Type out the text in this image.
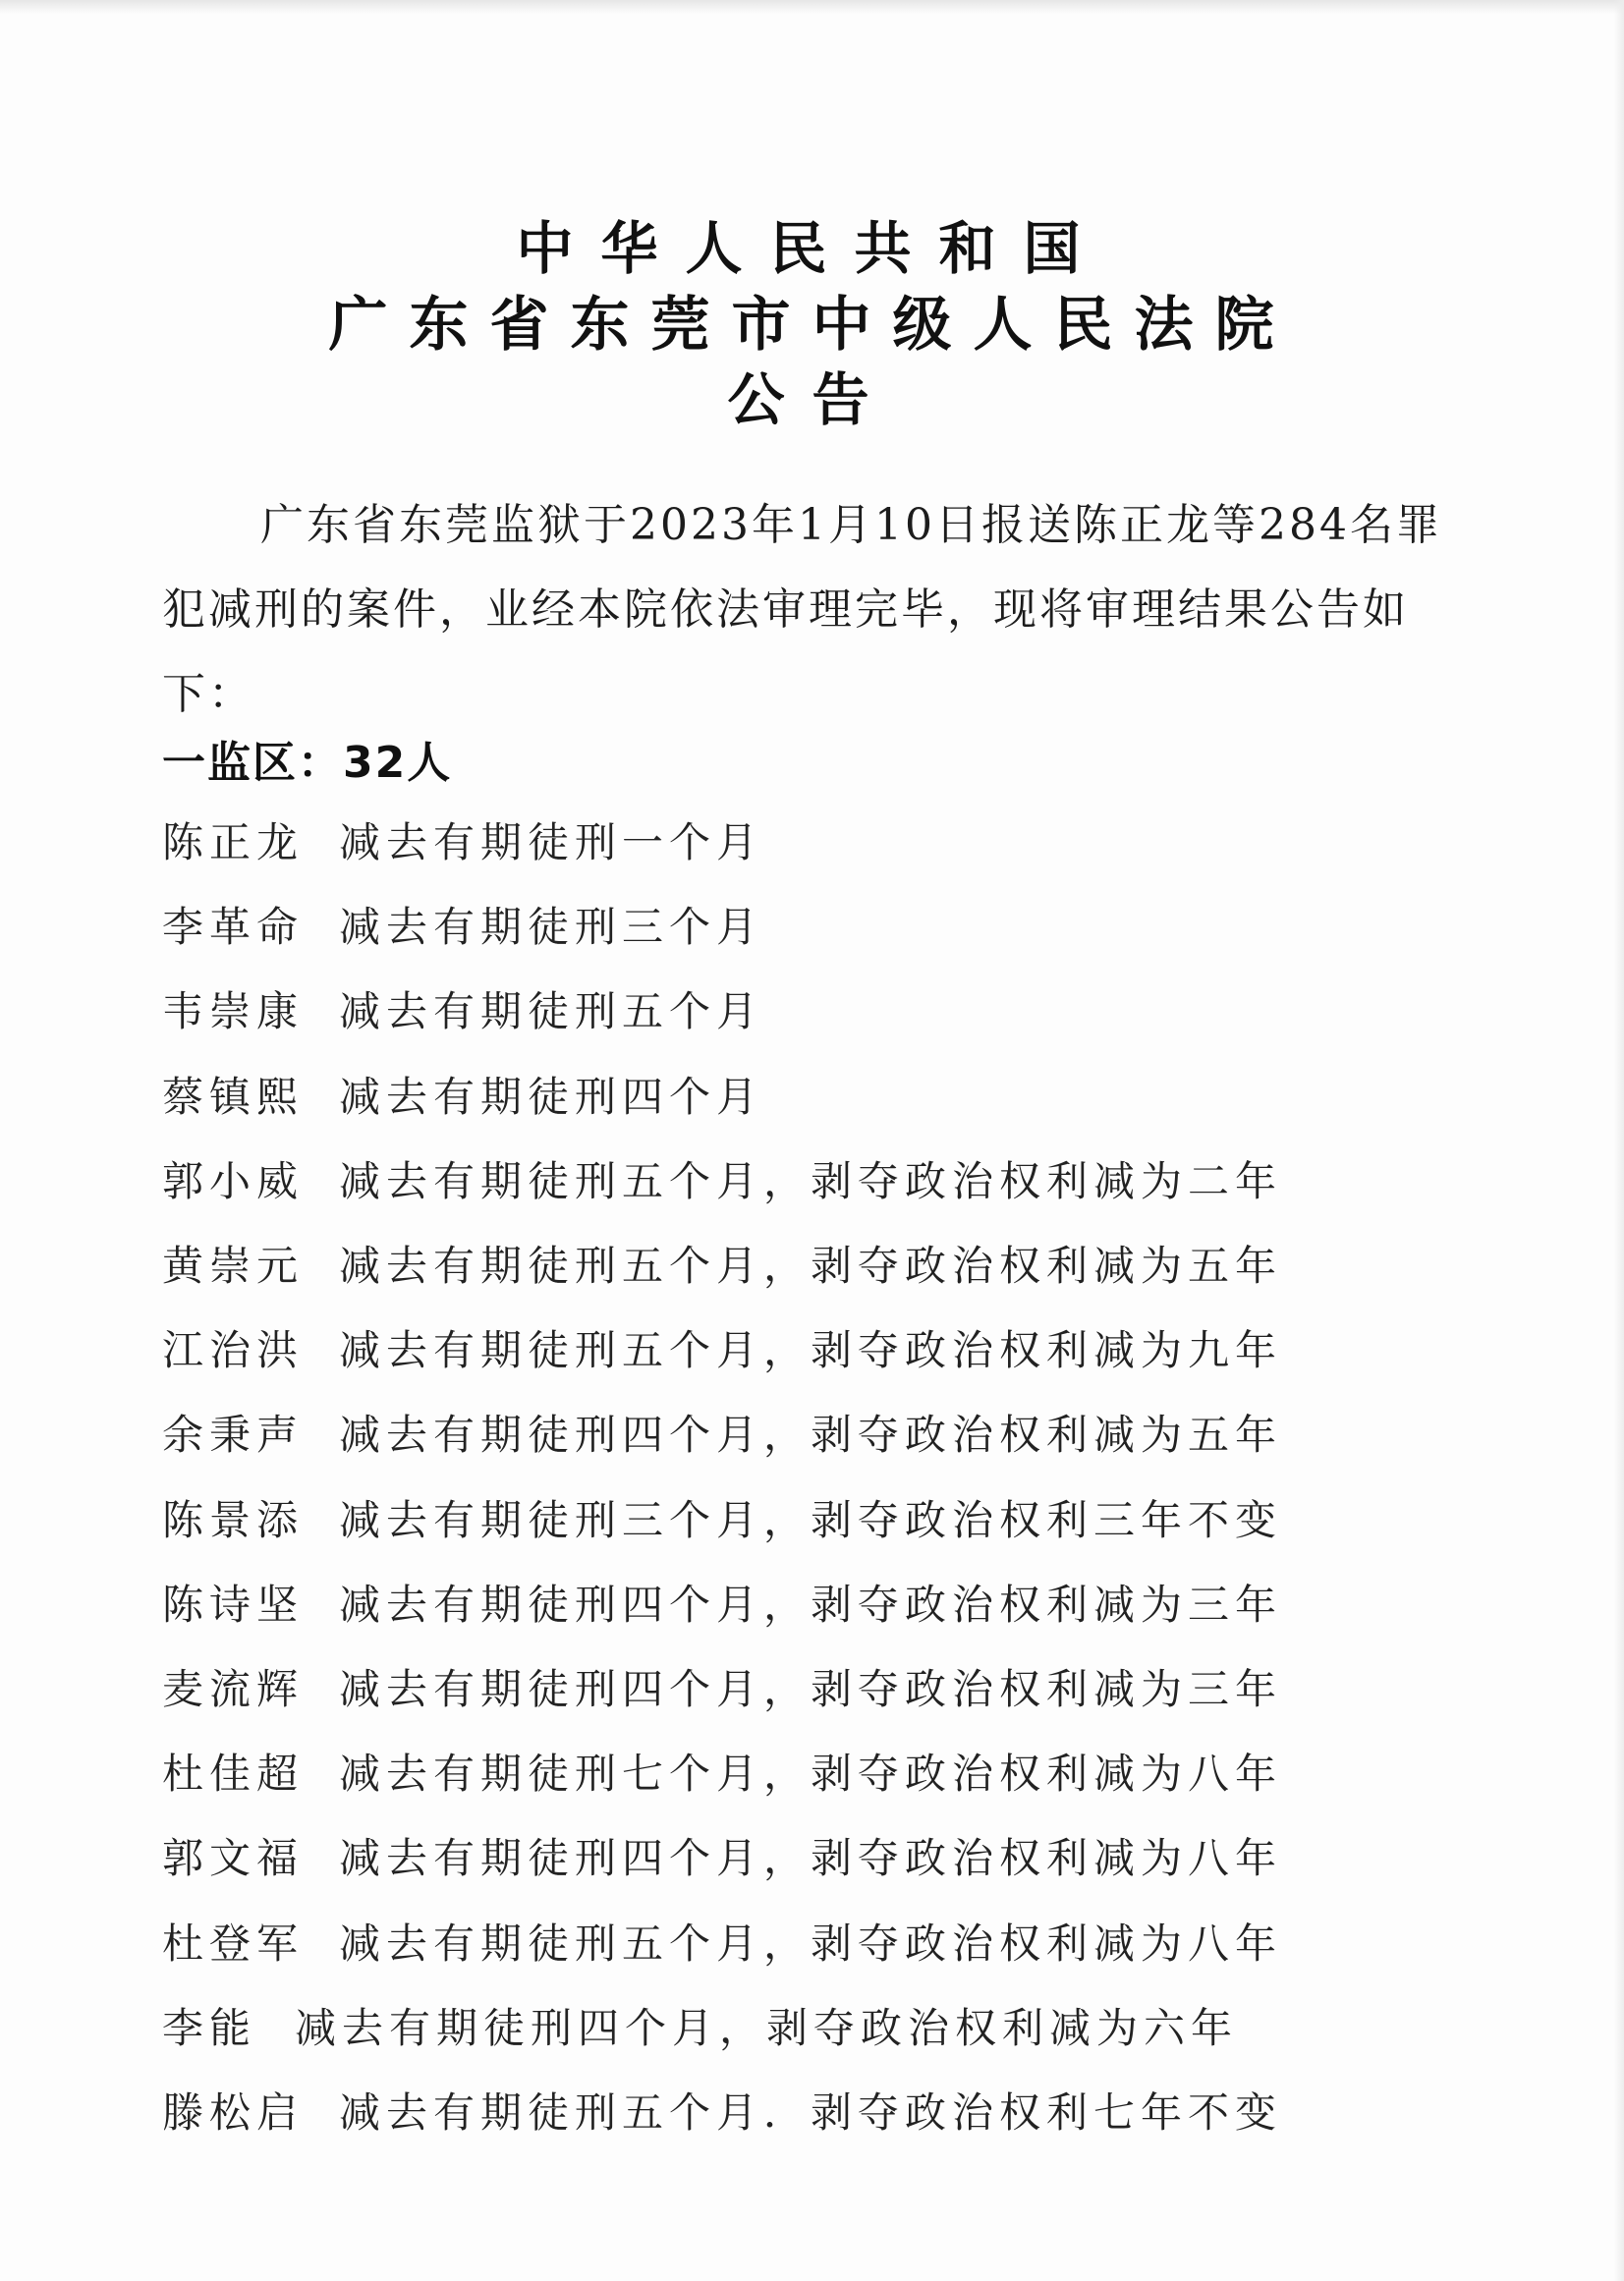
中华人民共和国
广东省东莞市中级人民法院
公告

广东省东莞监狱于2023年1月10日报送陈正龙等284名罪犯减刑的案件，业经本院依法审理完毕，现将审理结果公告如下：

一监区：32人
陈正龙 减去有期徒刑一个月
李革命 减去有期徒刑三个月
韦崇康 减去有期徒刑五个月
蔡镇熙 减去有期徒刑四个月
郭小威 减去有期徒刑五个月，剥夺政治权利减为二年
黄崇元 减去有期徒刑五个月，剥夺政治权利减为五年
江治洪 减去有期徒刑五个月，剥夺政治权利减为九年
余秉声 减去有期徒刑四个月，剥夺政治权利减为五年
陈景添 减去有期徒刑三个月，剥夺政治权利三年不变
陈诗坚 减去有期徒刑四个月，剥夺政治权利减为三年
麦流辉 减去有期徒刑四个月，剥夺政治权利减为三年
杜佳超 减去有期徒刑七个月，剥夺政治权利减为八年
郭文福 减去有期徒刑四个月，剥夺政治权利减为八年
杜登军 减去有期徒刑五个月，剥夺政治权利减为八年
李能 减去有期徒刑四个月，剥夺政治权利减为六年
滕松启 减去有期徒刑五个月．剥夺政治权利七年不变
